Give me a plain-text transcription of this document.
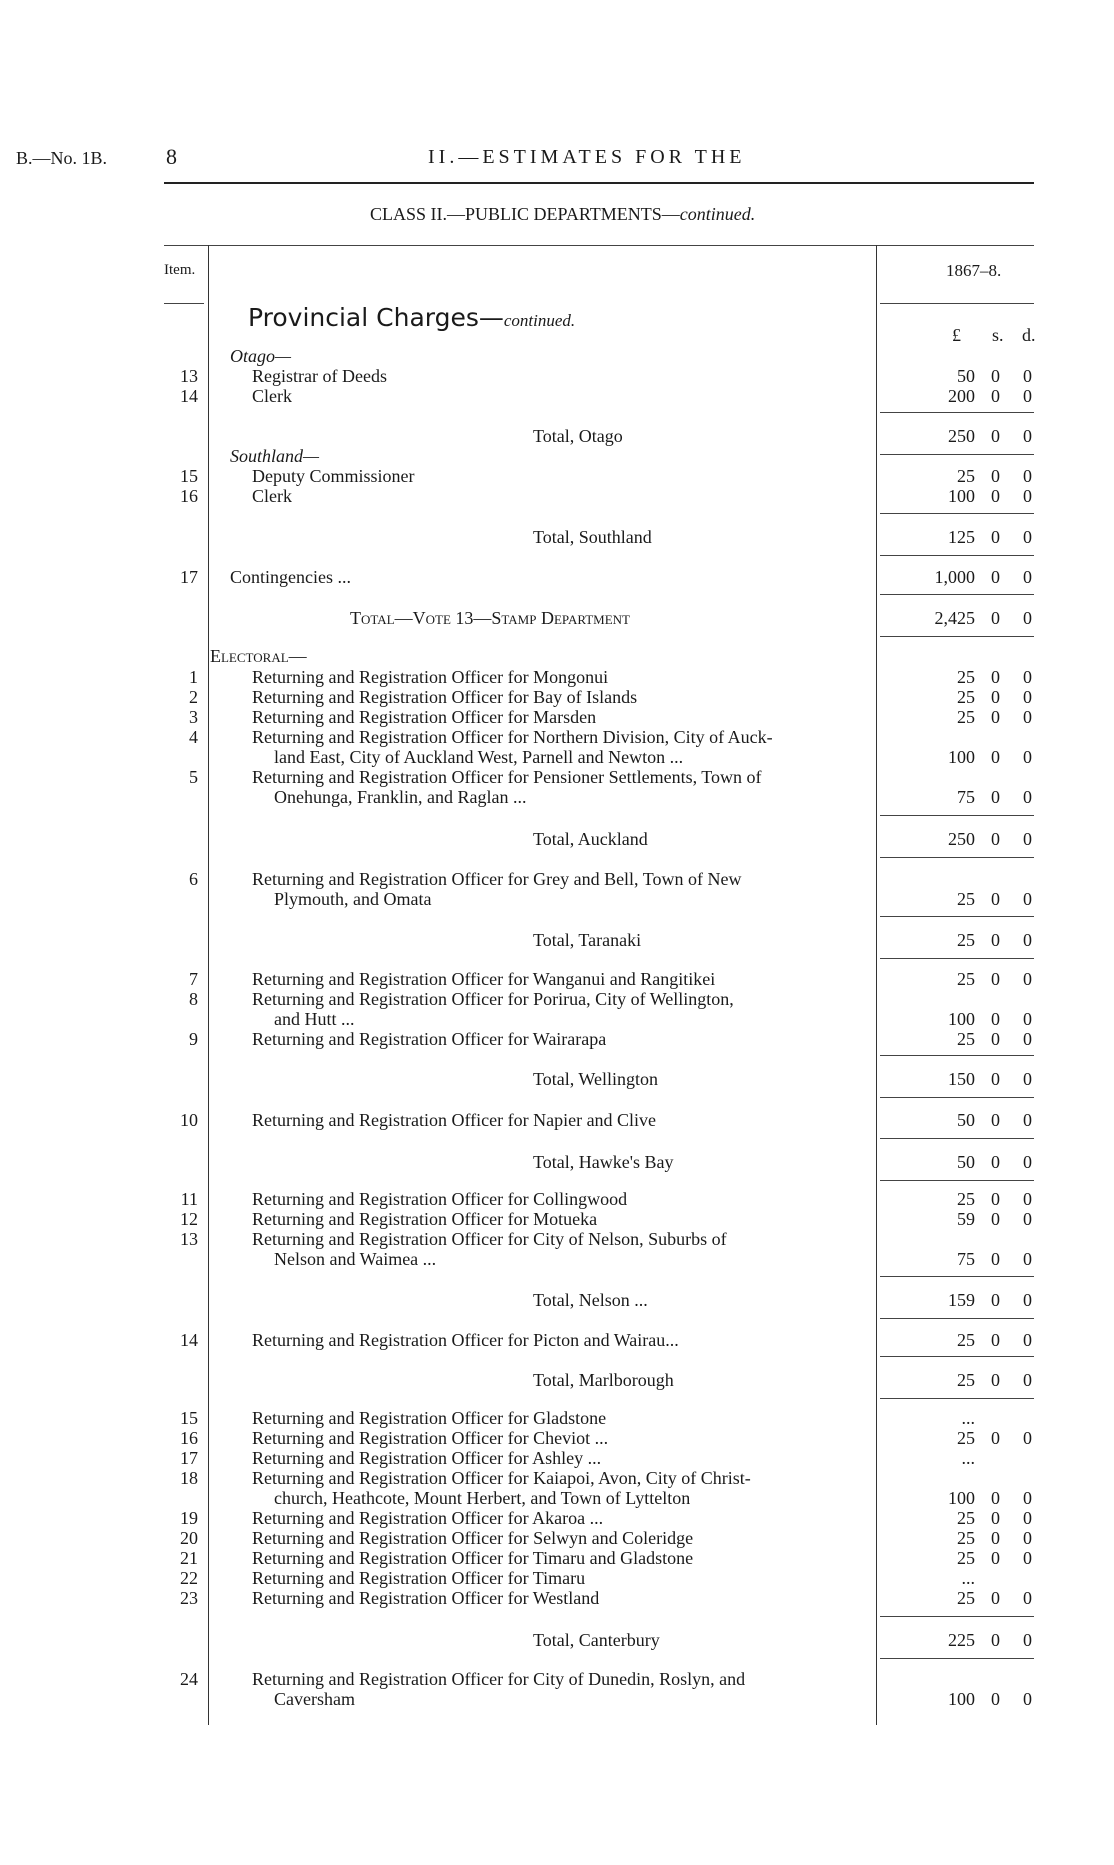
B.—No. 1B.	8	II.—ESTIMATES FOR THE
CLASS II.—PUBLIC DEPARTMENTS—continued.
Item.	1867–8.
Provincial Charges—continued.
£ s. d.
Otago—
13	Registrar of Deeds	50 0	0
14	Clerk	200 0	0
Total, Otago	250 0	0
Southland—
15	Deputy Commissioner	25 0	0
16	Clerk	100 0	0
Total, Southland	125 0	0
17 Contingencies ...	1,000 0	0
Total—Vote 13—Stamp Department	2,425 0	0
Electoral—
1	Returning and Registration Officer for Mongonui	25 0	0
2	Returning and Registration Officer for Bay of Islands	25 0	0
3	Returning and Registration Officer for Marsden	25 0	0
4	Returning and Registration Officer for Northern Division, City of Auck-
land East, City of Auckland West, Parnell and Newton ...	100 0	0
5	Returning and Registration Officer for Pensioner Settlements, Town of
Onehunga, Franklin, and Raglan ...	75 0	0
Total, Auckland	250 0	0
6	Returning and Registration Officer for Grey and Bell, Town of New
Plymouth, and Omata	25 0	0
Total, Taranaki	25 0	0
7	Returning and Registration Officer for Wanganui and Rangitikei	25 0	0
8	Returning and Registration Officer for Porirua, City of Wellington,
and Hutt ...	100 0	0
9	Returning and Registration Officer for Wairarapa	25 0	0
Total, Wellington	150 0	0
10	Returning and Registration Officer for Napier and Clive	50 0	0
Total, Hawke's Bay	50 0	0
11	Returning and Registration Officer for Collingwood	25 0	0
12	Returning and Registration Officer for Motueka	59 0	0
13	Returning and Registration Officer for City of Nelson, Suburbs of
Nelson and Waimea ...	75 0	0
Total, Nelson ...	159 0	0
14	Returning and Registration Officer for Picton and Wairau...	25 0	0
Total, Marlborough	25 0	0
15	Returning and Registration Officer for Gladstone	...
16	Returning and Registration Officer for Cheviot ...	25 0	0
17	Returning and Registration Officer for Ashley ...	...
18	Returning and Registration Officer for Kaiapoi, Avon, City of Christ-
church, Heathcote, Mount Herbert, and Town of Lyttelton	100 0	0
19	Returning and Registration Officer for Akaroa ...	25 0	0
20	Returning and Registration Officer for Selwyn and Coleridge	25 0	0
21	Returning and Registration Officer for Timaru and Gladstone	25 0	0
22	Returning and Registration Officer for Timaru	...
23	Returning and Registration Officer for Westland	25 0	0
Total, Canterbury	225 0	0
24	Returning and Registration Officer for City of Dunedin, Roslyn, and
Caversham	100 0	0
